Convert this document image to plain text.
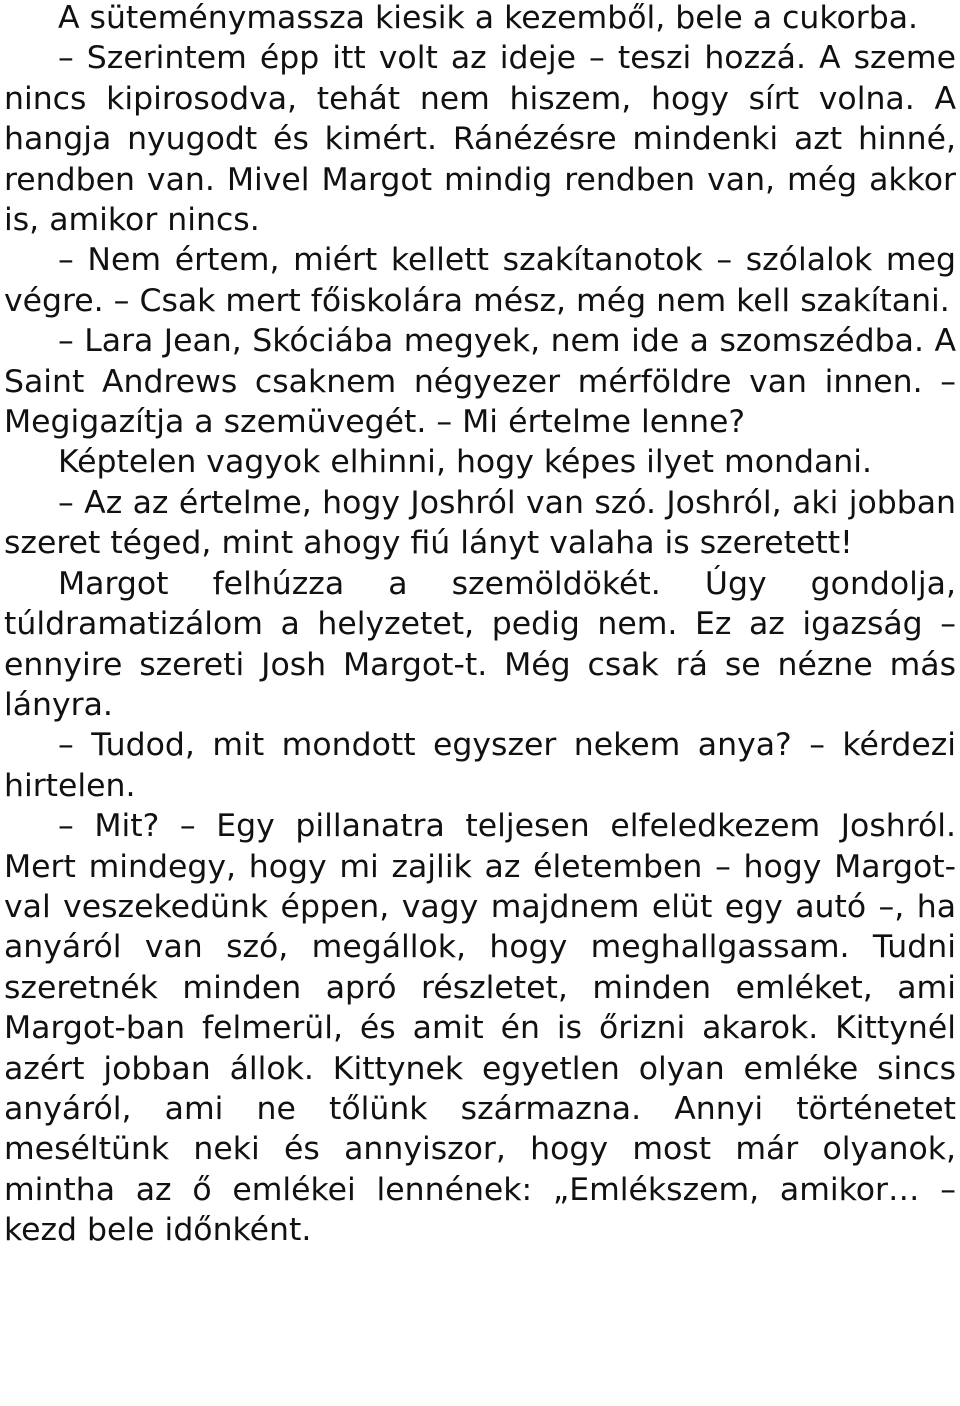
A süteménymassza kiesik a kezemből, bele a cukorba.

– Szerintem épp itt volt az ideje – teszi hozzá. A szeme nincs kipirosodva, tehát nem hiszem, hogy sírt volna. A hangja nyugodt és kimért. Ránézésre mindenki azt hinné, rendben van. Mivel Margot mindig rendben van, még akkor is, amikor nincs.

– Nem értem, miért kellett szakítanotok – szólalok meg végre. – Csak mert főiskolára mész, még nem kell szakítani.

– Lara Jean, Skóciába megyek, nem ide a szomszédba. A Saint Andrews csaknem négyezer mérföldre van innen. – Megigazítja a szemüvegét. – Mi értelme lenne?

Képtelen vagyok elhinni, hogy képes ilyet mondani.

– Az az értelme, hogy Joshról van szó. Joshról, aki jobban szeret téged, mint ahogy fiú lányt valaha is szeretett!

Margot felhúzza a szemöldökét. Úgy gondolja, túldramatizálom a helyzetet, pedig nem. Ez az igazság – ennyire szereti Josh Margot-t. Még csak rá se nézne más lányra.

– Tudod, mit mondott egyszer nekem anya? – kérdezi hirtelen.

– Mit? – Egy pillanatra teljesen elfeledkezem Joshról. Mert mindegy, hogy mi zajlik az életemben – hogy Margot-val veszekedünk éppen, vagy majdnem elüt egy autó –, ha anyáról van szó, megállok, hogy meghallgassam. Tudni szeretnék minden apró részletet, minden emléket, ami Margot-ban felmerül, és amit én is őrizni akarok. Kittynél azért jobban állok. Kittynek egyetlen olyan emléke sincs anyáról, ami ne tőlünk származna. Annyi történetet meséltünk neki és annyiszor, hogy most már olyanok, mintha az ő emlékei lennének: „Emlékszem, amikor… – kezd bele időnként.
